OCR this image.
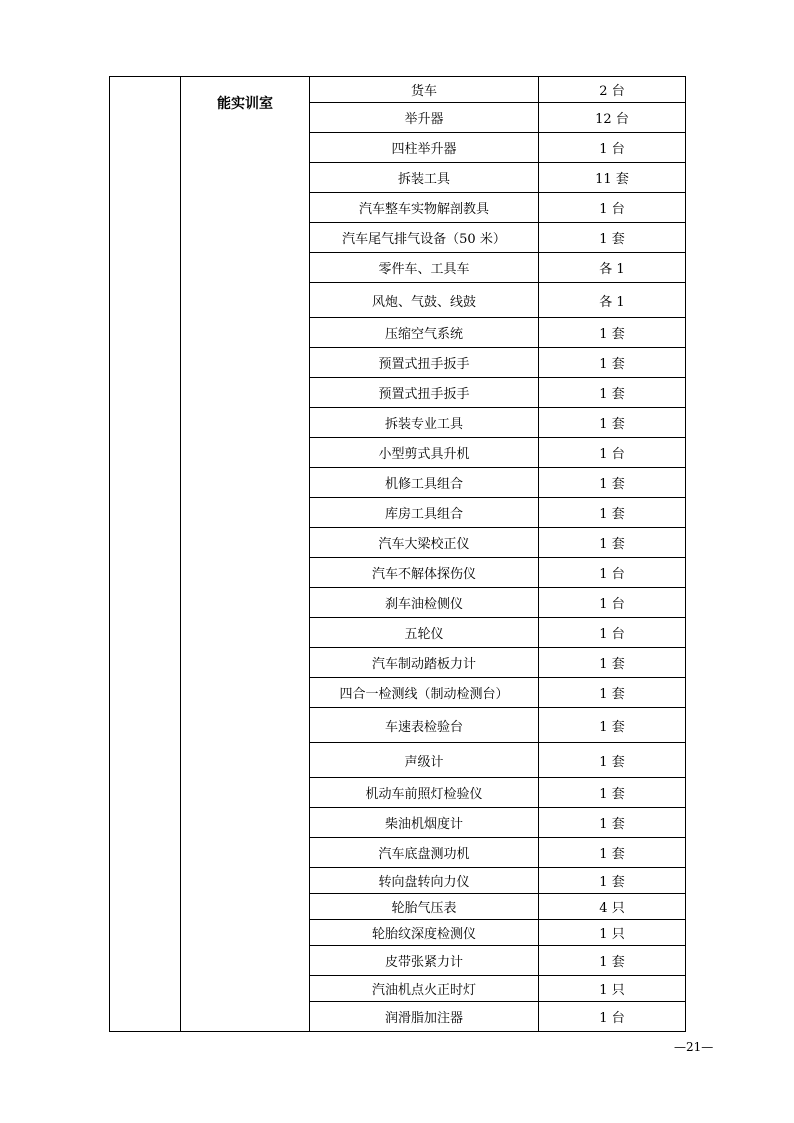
	能实训室	货车	2 台
		举升器	12 台
		四柱举升器	1 台
		拆装工具	11 套
		汽车整车实物解剖教具	1 台
		汽车尾气排气设备（50 米）	1 套
		零件车、工具车	各 1
		风炮、气鼓、线鼓	各 1
		压缩空气系统	1 套
		预置式扭手扳手	1 套
		预置式扭手扳手	1 套
		拆装专业工具	1 套
		小型剪式具升机	1 台
		机修工具组合	1 套
		库房工具组合	1 套
		汽车大梁校正仪	1 套
		汽车不解体探伤仪	1 台
		刹车油检侧仪	1 台
		五轮仪	1 台
		汽车制动踏板力计	1 套
		四合一检测线（制动检测台）	1 套
		车速表检验台	1 套
		声级计	1 套
		机动车前照灯检验仪	1 套
		柴油机烟度计	1 套
		汽车底盘测功机	1 套
		转向盘转向力仪	1 套
		轮胎气压表	4 只
		轮胎纹深度检测仪	1 只
		皮带张紧力计	1 套
		汽油机点火正时灯	1 只
		润滑脂加注器	1 台
—21—
